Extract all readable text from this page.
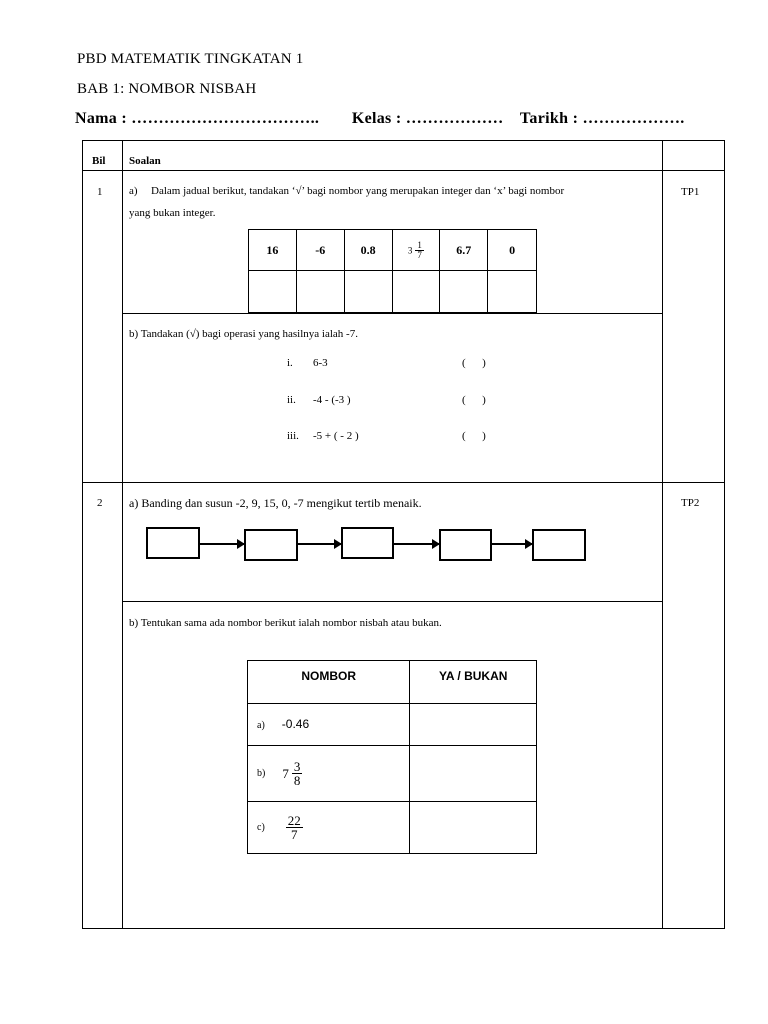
PBD MATEMATIK TINGKATAN 1
BAB 1: NOMBOR NISBAH
Nama : …………………………….. Kelas : ……………… Tarikh : ……………….
Bil Soalan
1	TP1
a) Dalam jadual berikut, tandakan ‘√’ bagi nombor yang merupakan integer dan ‘x’ bagi nombor
yang bukan integer.
16	-6	0.8	$3 \frac{1}{7}$	6.7	0

b) Tandakan (√) bagi operasi yang hasilnya ialah -7.
i. 6-3	(      )
ii. -4 - (-3 )	(      )
iii. -5 + ( - 2 )	(      )
2	TP2
a) Banding dan susun -2, 9, 15, 0, -7 mengikut tertib menaik.
b) Tentukan sama ada nombor berikut ialah nombor nisbah atau bukan.
NOMBOR	YA / BUKAN
a) -0.46	
b) $7 \frac{3}{8}$

$c) \frac{22}{7}$
